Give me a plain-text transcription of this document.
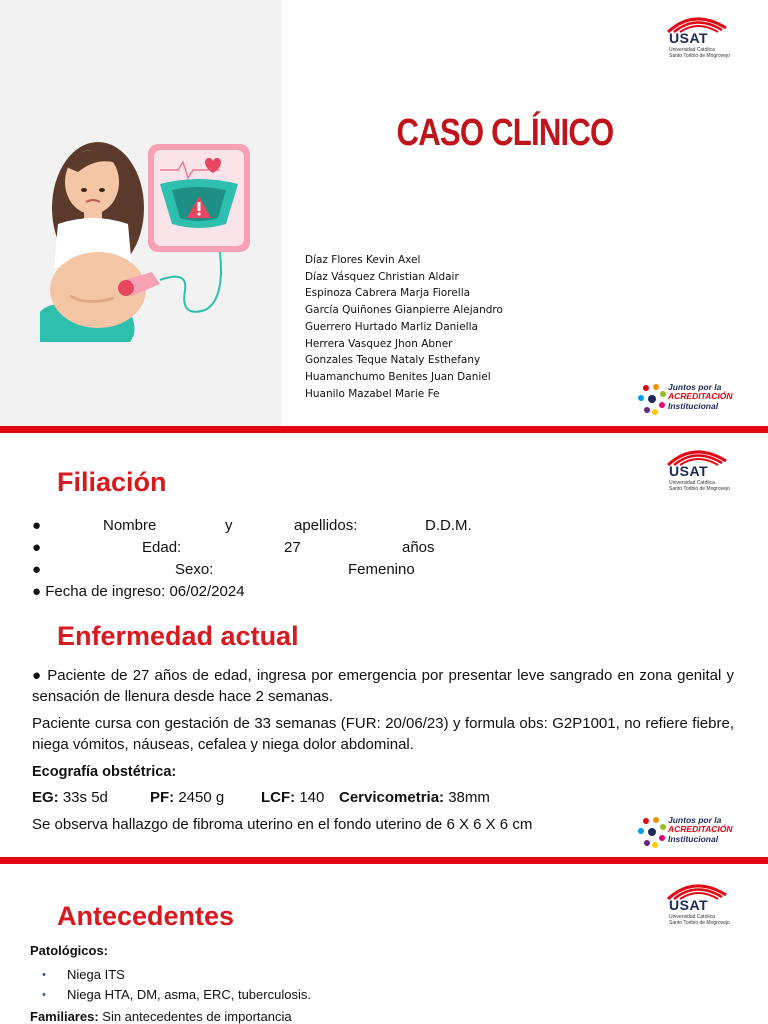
CASO CLÍNICO
Díaz Flores Kevin Axel
Díaz Vásquez Christian Aldair
Espinoza Cabrera Marja Fiorella
García Quiñones Gianpierre Alejandro
Guerrero Hurtado Marliz Daniella
Herrera Vasquez Jhon Abner
Gonzales Teque Nataly Esthefany
Huamanchumo Benites Juan Daniel
Huanilo Mazabel Marie Fe
USAT
Universidad Católica
Santo Toribio de Mogrovejo
Juntos por la
ACREDITACIÓN
Institucional
Filiación
●	Nombre	y	apellidos:	D.D.M.
●	Edad:	27	años
●	Sexo:	Femenino
● Fecha de ingreso: 06/02/2024
Enfermedad actual

● Paciente de 27 años de edad, ingresa por emergencia por presentar leve sangrado en zona genital y sensación de llenura desde hace 2 semanas.

Paciente cursa con gestación de 33 semanas (FUR: 20/06/23) y formula obs: G2P1001, no refiere fiebre, niega vómitos, náuseas, cefalea y niega dolor abdominal.

Ecografía obstétrica:
EG: 33s 5d	PF: 2450 g LCF: 140 Cervicometria: 38mm
Se observa hallazgo de fibroma uterino en el fondo uterino de 6 X 6 X 6 cm
USAT
Universidad Católica
Santo Toribio de Mogrovejo
Juntos por la
ACREDITACIÓN
Institucional
Antecedentes
Patológicos:
• Niega ITS
• Niega HTA, DM, asma, ERC, tuberculosis.
Familiares: Sin antecedentes de importancia
USAT
Universidad Católica
Santo Toribio de Mogrovejo
